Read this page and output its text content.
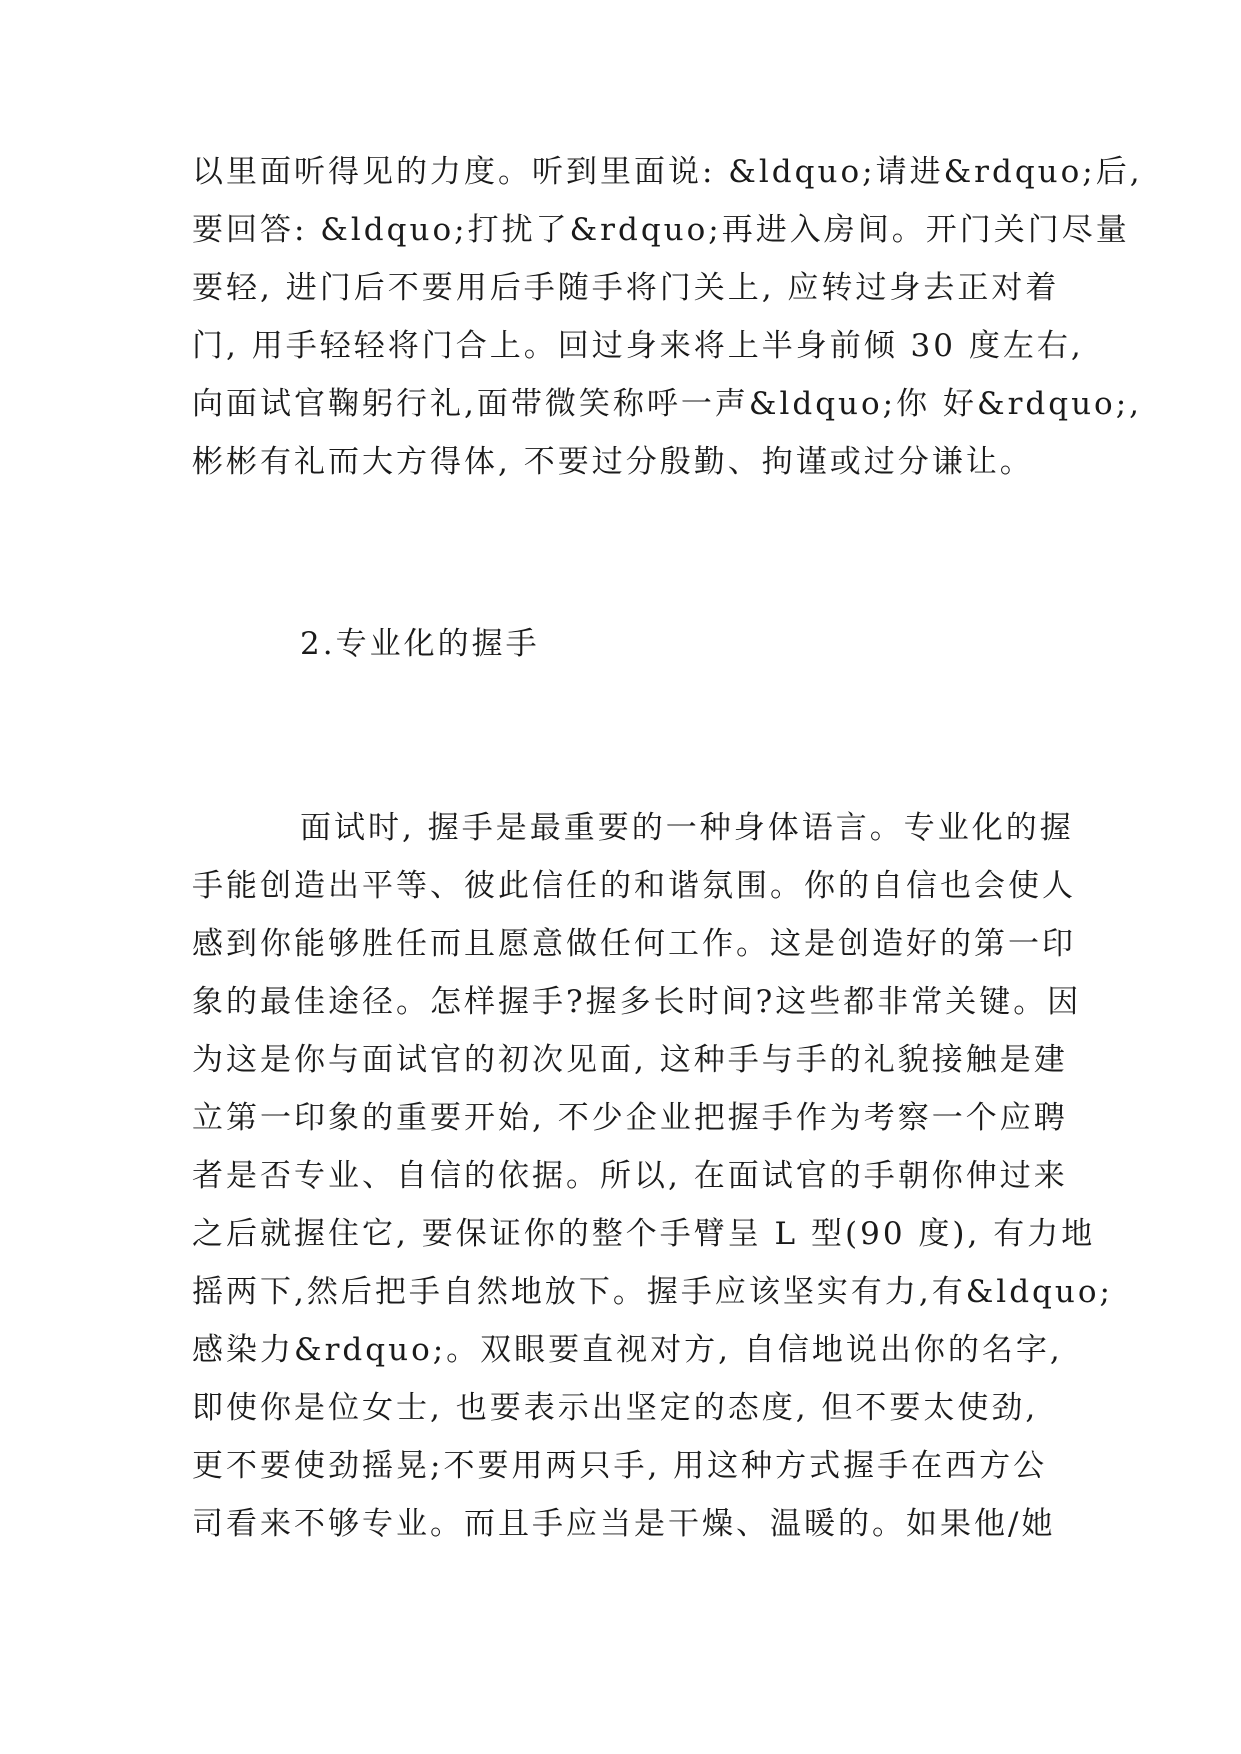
以里面听得见的力度。听到里面说: &ldquo;请进&rdquo;后,
要回答: &ldquo;打扰了&rdquo;再进入房间。开门关门尽量
要轻, 进门后不要用后手随手将门关上, 应转过身去正对着
门, 用手轻轻将门合上。回过身来将上半身前倾 30 度左右,
向面试官鞠躬行礼,面带微笑称呼一声&ldquo;你 好&rdquo;,
彬彬有礼而大方得体, 不要过分殷勤、拘谨或过分谦让。
2.专业化的握手
面试时, 握手是最重要的一种身体语言。专业化的握
手能创造出平等、彼此信任的和谐氛围。你的自信也会使人
感到你能够胜任而且愿意做任何工作。这是创造好的第一印
象的最佳途径。怎样握手?握多长时间?这些都非常关键。因
为这是你与面试官的初次见面, 这种手与手的礼貌接触是建
立第一印象的重要开始, 不少企业把握手作为考察一个应聘
者是否专业、自信的依据。所以, 在面试官的手朝你伸过来
之后就握住它, 要保证你的整个手臂呈 L 型(90 度), 有力地
摇两下,然后把手自然地放下。握手应该坚实有力,有&ldquo;
感染力&rdquo;。双眼要直视对方, 自信地说出你的名字,
即使你是位女士, 也要表示出坚定的态度, 但不要太使劲,
更不要使劲摇晃;不要用两只手, 用这种方式握手在西方公
司看来不够专业。而且手应当是干燥、温暖的。如果他/她
